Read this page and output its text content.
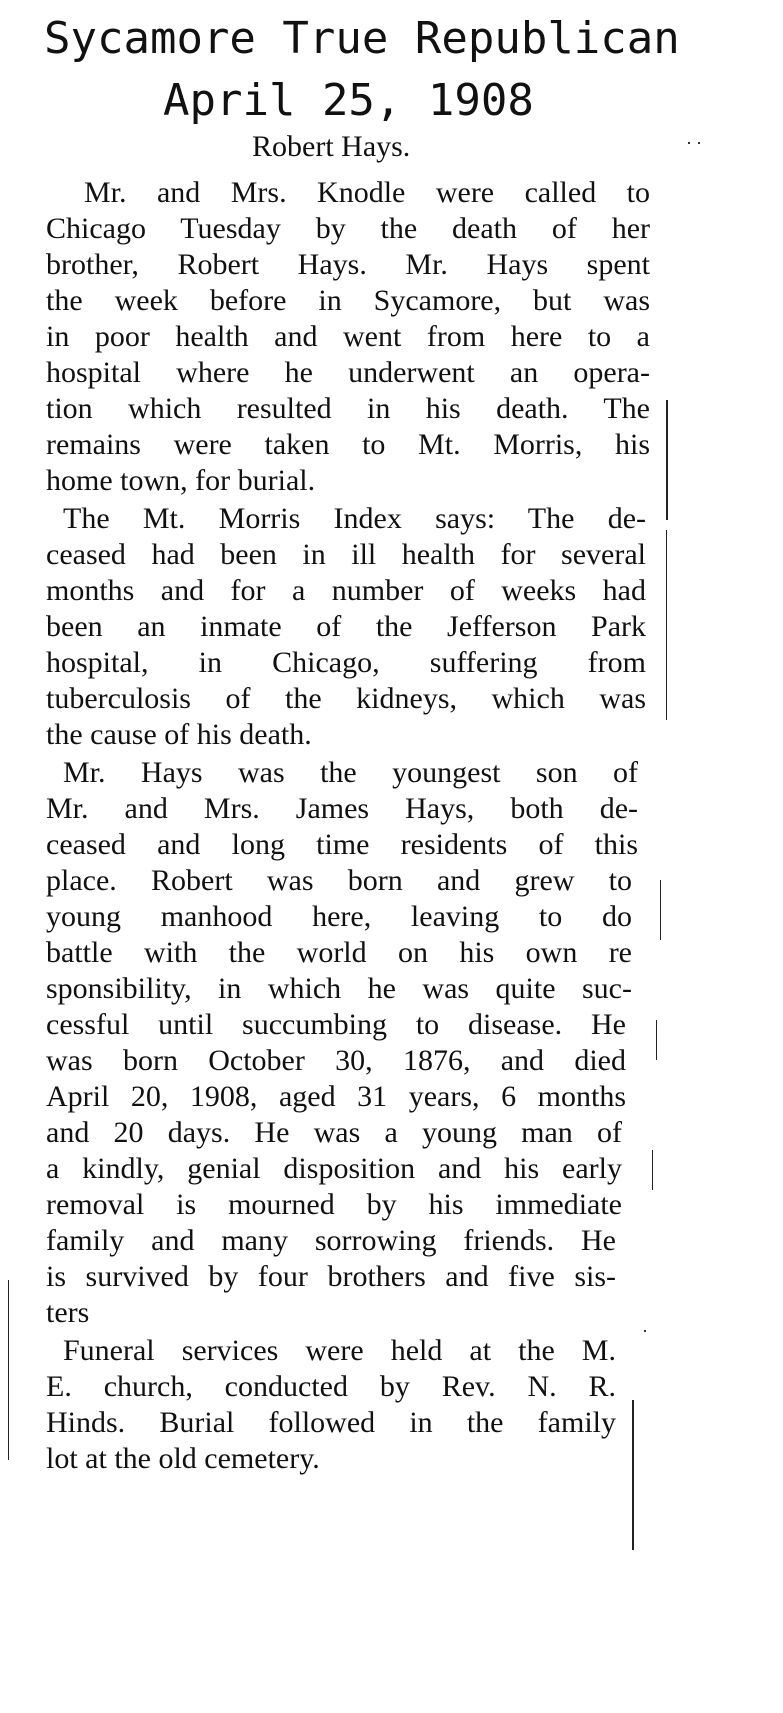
Sycamore True Republican
April 25, 1908
Robert Hays.
Mr. and Mrs. Knodle were called to
Chicago Tuesday by the death of her
brother, Robert Hays. Mr. Hays spent
the week before in Sycamore, but was
in poor health and went from here to a
hospital where he underwent an opera-
tion which resulted in his death. The
remains were taken to Mt. Morris, his
home town, for burial.
The Mt. Morris Index says: The de-
ceased had been in ill health for several
months and for a number of weeks had
been an inmate of the Jefferson Park
hospital, in Chicago, suffering from
tuberculosis of the kidneys, which was
the cause of his death.
Mr. Hays was the youngest son of
Mr. and Mrs. James Hays, both de-
ceased and long time residents of this
place. Robert was born and grew to
young manhood here, leaving to do
battle with the world on his own re
sponsibility, in which he was quite suc-
cessful until succumbing to disease. He
was born October 30, 1876, and died
April 20, 1908, aged 31 years, 6 months
and 20 days. He was a young man of
a kindly, genial disposition and his early
removal is mourned by his immediate
family and many sorrowing friends. He
is survived by four brothers and five sis-
ters
Funeral services were held at the M.
E. church, conducted by Rev. N. R.
Hinds. Burial followed in the family
lot at the old cemetery.
